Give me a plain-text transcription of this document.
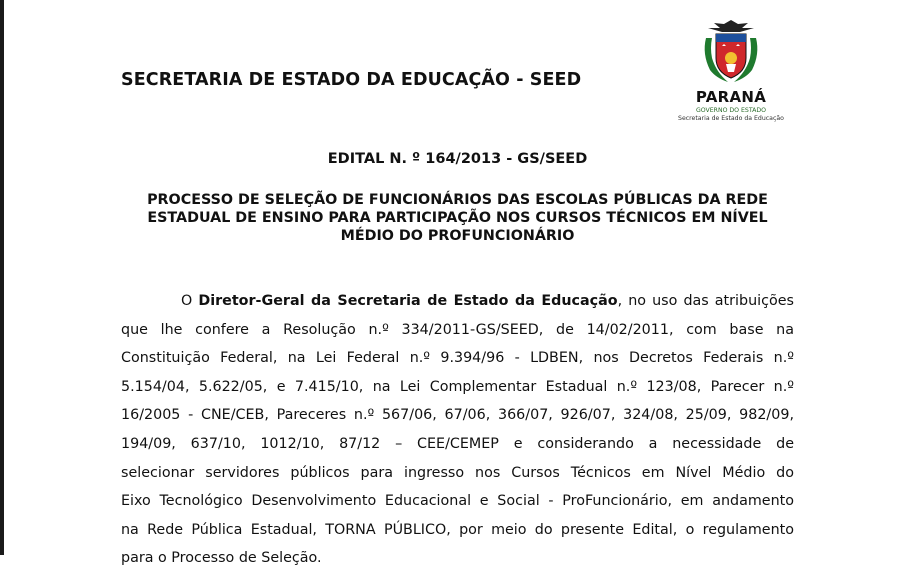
SECRETARIA DE ESTADO DA EDUCAÇÃO - SEED
PARANÁ
GOVERNO DO ESTADO
Secretaria de Estado da Educação
EDITAL N. º 164/2013 - GS/SEED
PROCESSO DE SELEÇÃO DE FUNCIONÁRIOS DAS ESCOLAS PÚBLICAS DA REDE
ESTADUAL DE ENSINO PARA PARTICIPAÇÃO NOS CURSOS TÉCNICOS EM NÍVEL
MÉDIO DO PROFUNCIONÁRIO
O Diretor-Geral da Secretaria de Estado da Educação, no uso das atribuições
que lhe confere a Resolução n.º 334/2011-GS/SEED, de 14/02/2011, com base na
Constituição Federal, na Lei Federal n.º 9.394/96 - LDBEN, nos Decretos Federais n.º
5.154/04, 5.622/05, e 7.415/10, na Lei Complementar Estadual n.º 123/08, Parecer n.º
16/2005 - CNE/CEB, Pareceres n.º 567/06, 67/06, 366/07, 926/07, 324/08, 25/09, 982/09,
194/09, 637/10, 1012/10, 87/12 – CEE/CEMEP e considerando a necessidade de
selecionar servidores públicos para ingresso nos Cursos Técnicos em Nível Médio do
Eixo Tecnológico Desenvolvimento Educacional e Social - ProFuncionário, em andamento
na Rede Pública Estadual, TORNA PÚBLICO, por meio do presente Edital, o regulamento
para o Processo de Seleção.
